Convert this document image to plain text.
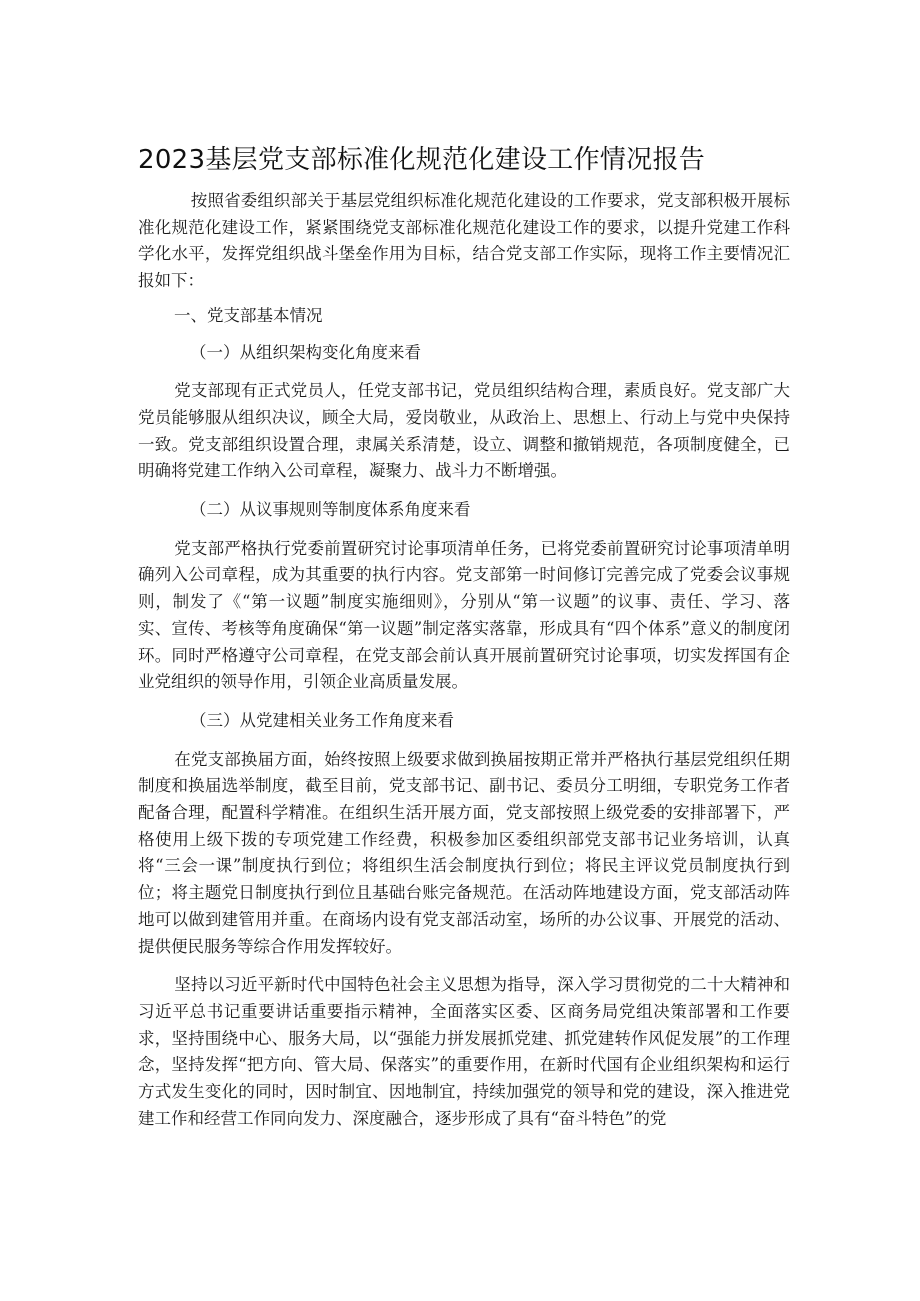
2023基层党支部标准化规范化建设工作情况报告

按照省委组织部关于基层党组织标准化规范化建设的工作要求，党支部积极开展标准化规范化建设工作，紧紧围绕党支部标准化规范化建设工作的要求，以提升党建工作科学化水平，发挥党组织战斗堡垒作用为目标，结合党支部工作实际，现将工作主要情况汇报如下：

一、党支部基本情况

（一）从组织架构变化角度来看

党支部现有正式党员人，任党支部书记，党员组织结构合理，素质良好。党支部广大党员能够服从组织决议，顾全大局，爱岗敬业，从政治上、思想上、行动上与党中央保持一致。党支部组织设置合理，隶属关系清楚，设立、调整和撤销规范，各项制度健全，已明确将党建工作纳入公司章程，凝聚力、战斗力不断增强。

（二）从议事规则等制度体系角度来看

党支部严格执行党委前置研究讨论事项清单任务，已将党委前置研究讨论事项清单明确列入公司章程，成为其重要的执行内容。党支部第一时间修订完善完成了党委会议事规则，制发了《“第一议题”制度实施细则》，分别从“第一议题”的议事、责任、学习、落实、宣传、考核等角度确保“第一议题”制定落实落靠，形成具有“四个体系”意义的制度闭环。同时严格遵守公司章程，在党支部会前认真开展前置研究讨论事项，切实发挥国有企业党组织的领导作用，引领企业高质量发展。

（三）从党建相关业务工作角度来看

在党支部换届方面，始终按照上级要求做到换届按期正常并严格执行基层党组织任期制度和换届选举制度，截至目前，党支部书记、副书记、委员分工明细，专职党务工作者配备合理，配置科学精准。在组织生活开展方面，党支部按照上级党委的安排部署下，严格使用上级下拨的专项党建工作经费，积极参加区委组织部党支部书记业务培训，认真将“三会一课”制度执行到位；将组织生活会制度执行到位；将民主评议党员制度执行到位；将主题党日制度执行到位且基础台账完备规范。在活动阵地建设方面，党支部活动阵地可以做到建管用并重。在商场内设有党支部活动室，场所的办公议事、开展党的活动、提供便民服务等综合作用发挥较好。

坚持以习近平新时代中国特色社会主义思想为指导，深入学习贯彻党的二十大精神和习近平总书记重要讲话重要指示精神，全面落实区委、区商务局党组决策部署和工作要求，坚持围绕中心、服务大局，以“强能力拼发展抓党建、抓党建转作风促发展”的工作理念，坚持发挥“把方向、管大局、保落实”的重要作用，在新时代国有企业组织架构和运行方式发生变化的同时，因时制宜、因地制宜，持续加强党的领导和党的建设，深入推进党建工作和经营工作同向发力、深度融合，逐步形成了具有“奋斗特色”的党
